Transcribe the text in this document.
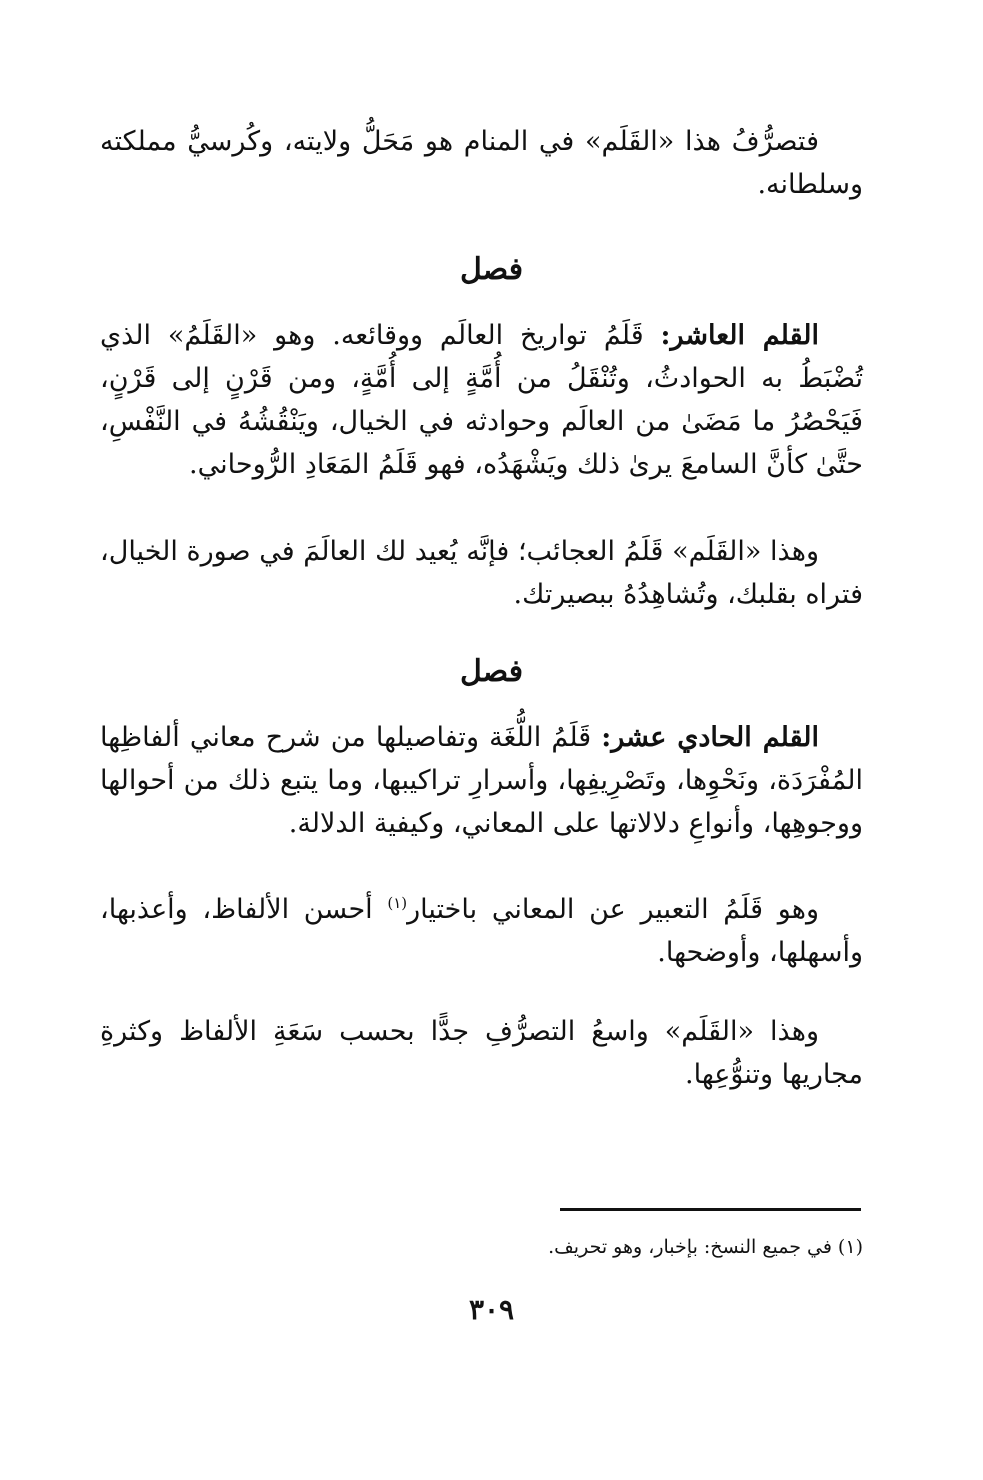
فتصرُّفُ هذا «القَلَم» في المنام هو مَحَلُّ ولايته، وكُرسيُّ مملكته وسلطانه.

فصل

القلم العاشر: قَلَمُ تواريخ العالَم ووقائعه. وهو «القَلَمُ» الذي تُضْبَطُ به الحوادثُ، وتُنْقَلُ من أُمَّةٍ إلى أُمَّةٍ، ومن قَرْنٍ إلى قَرْنٍ، فَيَحْصُرُ ما مَضَىٰ من العالَم وحوادثه في الخيال، ويَنْقُشُهُ في النَّفْسِ، حتَّىٰ كأنَّ السامعَ يرىٰ ذلك ويَشْهَدُه، فهو قَلَمُ المَعَادِ الرُّوحاني.

وهذا «القَلَم» قَلَمُ العجائب؛ فإنَّه يُعيد لك العالَمَ في صورة الخيال، فتراه بقلبك، وتُشاهِدُهُ ببصيرتك.

فصل

القلم الحادي عشر: قَلَمُ اللُّغَة وتفاصيلها من شرح معاني ألفاظِها المُفْرَدَة، ونَحْوِها، وتَصْرِيفِها، وأسرارِ تراكيبها، وما يتبع ذلك من أحوالها ووجوهِها، وأنواعِ دلالاتها على المعاني، وكيفية الدلالة.

وهو قَلَمُ التعبير عن المعاني باختيار$^{(١)}$ أحسن الألفاظ، وأعذبها، وأسهلها، وأوضحها.

وهذا «القَلَم» واسعُ التصرُّفِ جدًّا بحسب سَعَةِ الألفاظ وكثرةِ مجاريها وتنوُّعِها.

(١) في جميع النسخ: بإخبار، وهو تحريف.
٣٠٩
